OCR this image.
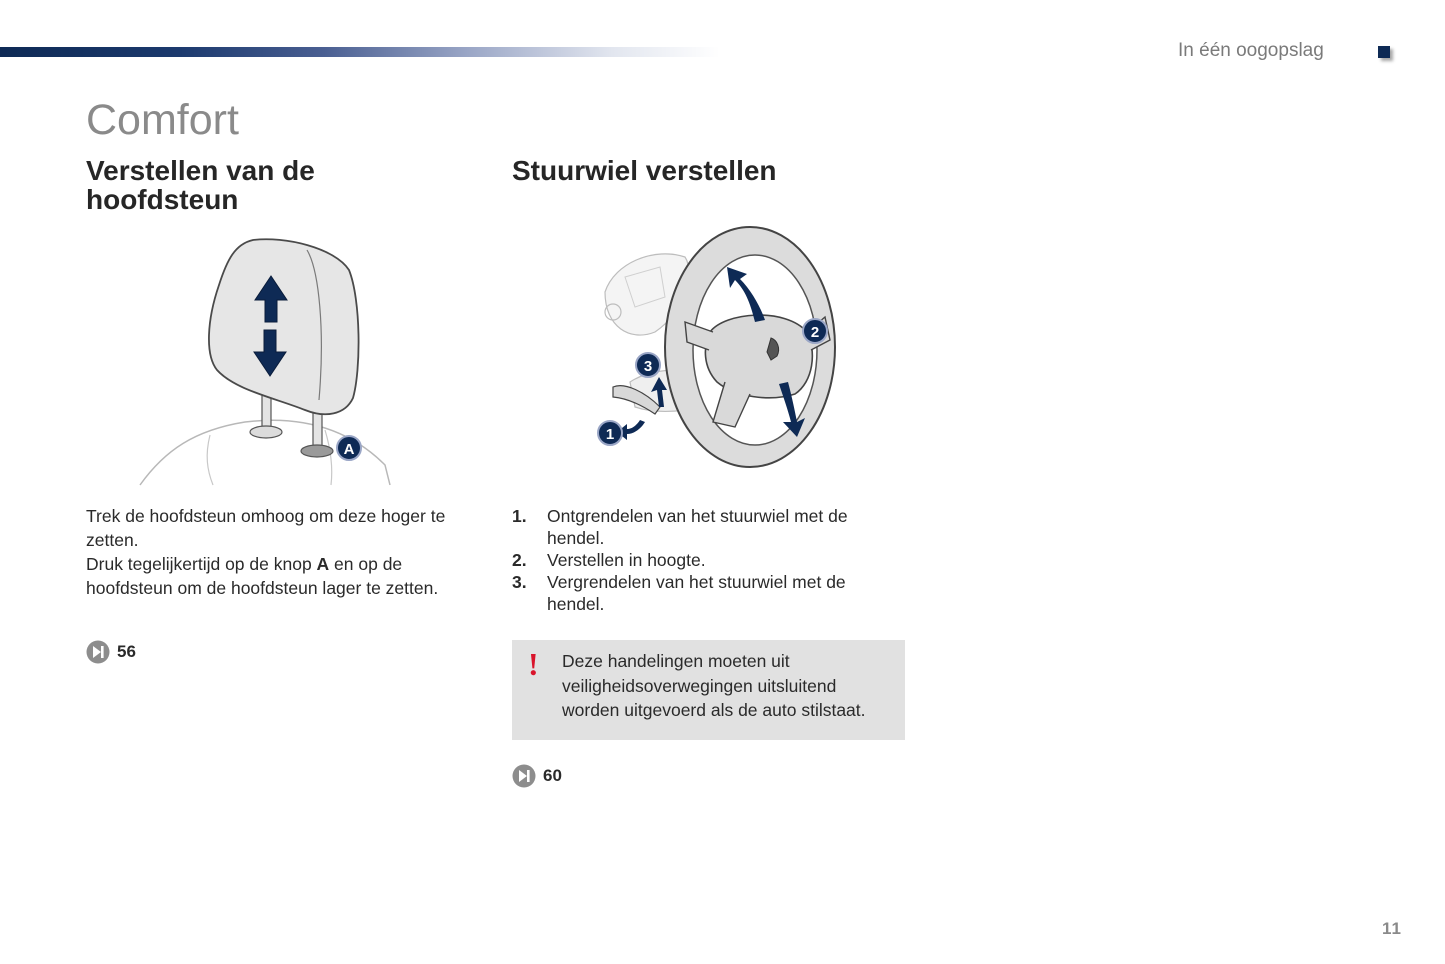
In één oogopslag
Comfort
Verstellen van de hoofdsteun
Stuurwiel verstellen
A
1
2
3

Trek de hoofdsteun omhoog om deze hoger te zetten.

Druk tegelijkertijd op de knop A en op de hoofdsteun om de hoofdsteun lager te zetten.

56
1. Ontgrendelen van het stuurwiel met de hendel.
2. Verstellen in hoogte.
3. Vergrendelen van het stuurwiel met de hendel.
! Deze handelingen moeten uit veiligheidsoverwegingen uitsluitend worden uitgevoerd als de auto stilstaat.
60
11
